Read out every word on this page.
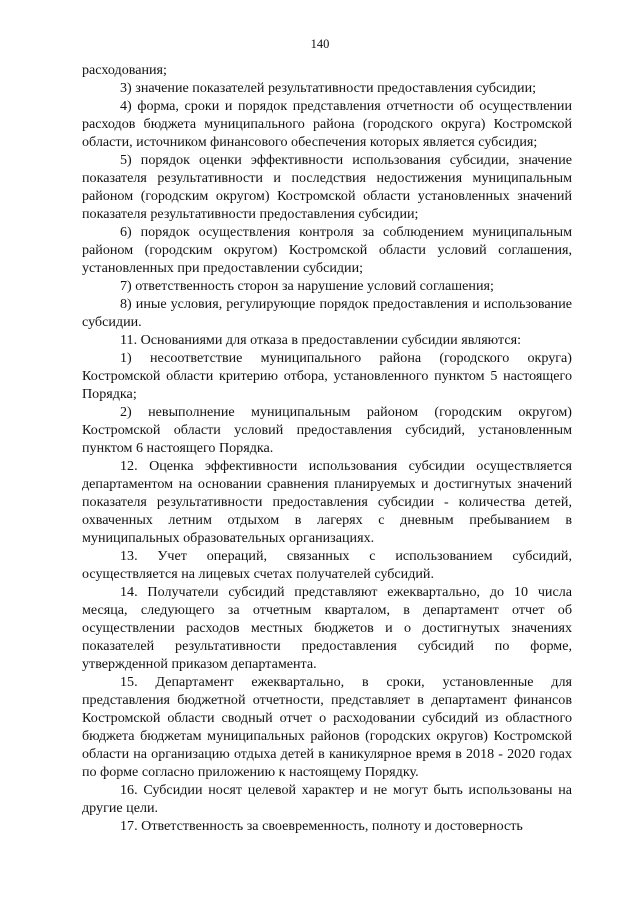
140

расходования;

3) значение показателей результативности предоставления субсидии;

4) форма, сроки и порядок представления отчетности об осуществлении расходов бюджета муниципального района (городского округа) Костромской области, источником финансового обеспечения которых является субсидия;

5) порядок оценки эффективности использования субсидии, значение показателя результативности и последствия недостижения муниципальным районом (городским округом) Костромской области установленных значений показателя результативности предоставления субсидии;

6) порядок осуществления контроля за соблюдением муниципальным районом (городским округом) Костромской области условий соглашения, установленных при предоставлении субсидии;

7) ответственность сторон за нарушение условий соглашения;

8) иные условия, регулирующие порядок предоставления и использование субсидии.

11. Основаниями для отказа в предоставлении субсидии являются:

1) несоответствие муниципального района (городского округа) Костромской области критерию отбора, установленного пунктом 5 настоящего Порядка;

2) невыполнение муниципальным районом (городским округом) Костромской области условий предоставления субсидий, установленным пунктом 6 настоящего Порядка.

12. Оценка эффективности использования субсидии осуществляется департаментом на основании сравнения планируемых и достигнутых значений показателя результативности предоставления субсидии - количества детей, охваченных летним отдыхом в лагерях с дневным пребыванием в муниципальных образовательных организациях.

13. Учет операций, связанных с использованием субсидий, осуществляется на лицевых счетах получателей субсидий.

14. Получатели субсидий представляют ежеквартально, до 10 числа месяца, следующего за отчетным кварталом, в департамент отчет об осуществлении расходов местных бюджетов и о достигнутых значениях показателей результативности предоставления субсидий по форме, утвержденной приказом департамента.

15. Департамент ежеквартально, в сроки, установленные для представления бюджетной отчетности, представляет в департамент финансов Костромской области сводный отчет о расходовании субсидий из областного бюджета бюджетам муниципальных районов (городских округов) Костромской области на организацию отдыха детей в каникулярное время в 2018 - 2020 годах по форме согласно приложению к настоящему Порядку.

16. Субсидии носят целевой характер и не могут быть использованы на другие цели.

17. Ответственность за своевременность, полноту и достоверность
